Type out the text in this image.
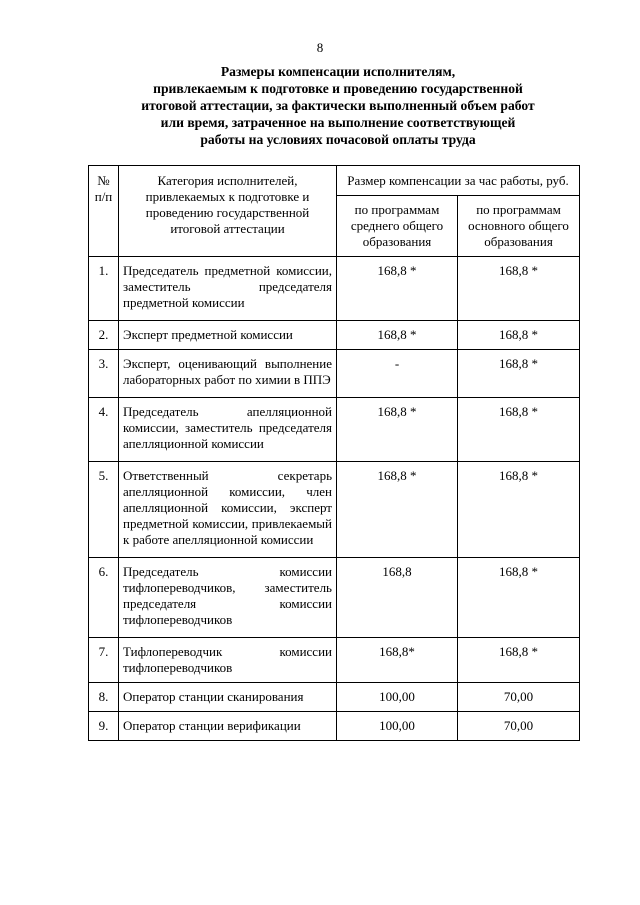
8
Размеры компенсации исполнителям,
привлекаемым к подготовке и проведению государственной
итоговой аттестации, за фактически выполненный объем работ
или время, затраченное на выполнение соответствующей
работы на условиях почасовой оплаты труда
№ п/п	Категория исполнителей, привлекаемых к подготовке и проведению государственной итоговой аттестации	Размер компенсации за час работы, руб.	
		по программам среднего общего образования	по программам основного общего образования
1.	Председатель предметной комиссии, заместитель председателя предметной комиссии	168,8 *	168,8 *
2.	Эксперт предметной комиссии	168,8 *	168,8 *
3.	Эксперт, оценивающий выполнение лабораторных работ по химии в ППЭ	-	168,8 *
4.	Председатель апелляционной комиссии, заместитель председателя апелляционной комиссии	168,8 *	168,8 *
5.	Ответственный секретарь апелляционной комиссии, член апелляционной комиссии, эксперт предметной комиссии, привлекаемый к работе апелляционной комиссии	168,8 *	168,8 *
6.	Председатель комиссии тифлопереводчиков, заместитель председателя комиссии тифлопереводчиков	168,8	168,8 *
7.	Тифлопереводчик комиссии тифлопереводчиков	168,8*	168,8 *
8.	Оператор станции сканирования	100,00	70,00
9.	Оператор станции верификации	100,00	70,00
